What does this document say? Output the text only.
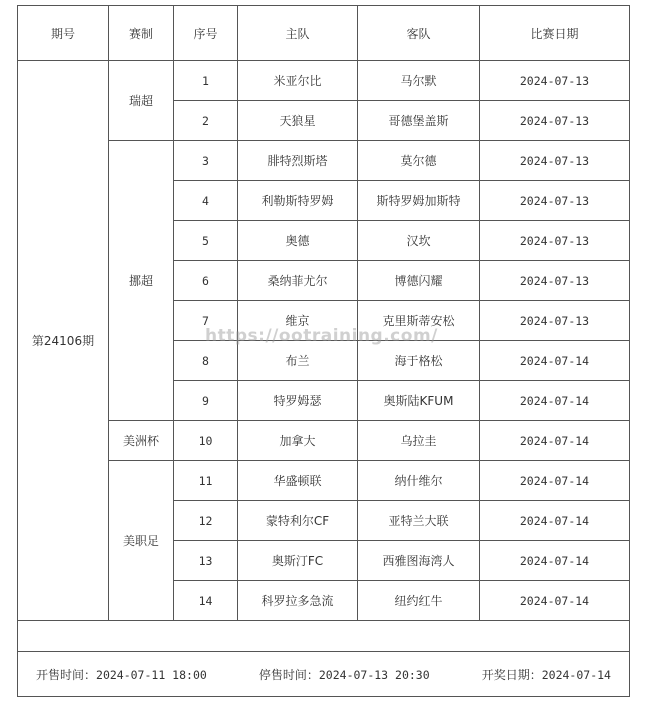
期号	赛制	序号	主队	客队	比赛日期
第24106期	瑞超	1	米亚尔比	马尔默	2024-07-13
		2	天狼星	哥德堡盖斯	2024-07-13
	挪超	3	腓特烈斯塔	莫尔德	2024-07-13
		4	利勒斯特罗姆	斯特罗姆加斯特	2024-07-13
		5	奥德	汉坎	2024-07-13
		6	桑纳菲尤尔	博德闪耀	2024-07-13
		7	维京	克里斯蒂安松	2024-07-13
		8	布兰	海于格松	2024-07-14
		9	特罗姆瑟	奥斯陆KFUM	2024-07-14
	美洲杯	10	加拿大	乌拉圭	2024-07-14
	美职足	11	华盛顿联	纳什维尔	2024-07-14
		12	蒙特利尔CF	亚特兰大联	2024-07-14
		13	奥斯汀FC	西雅图海湾人	2024-07-14
		14	科罗拉多急流	纽约红牛	2024-07-14

开售时间：2024-07-11 18:00 停售时间：2024-07-13 20:30 开奖日期：2024-07-14					
https://ootraining.com/
